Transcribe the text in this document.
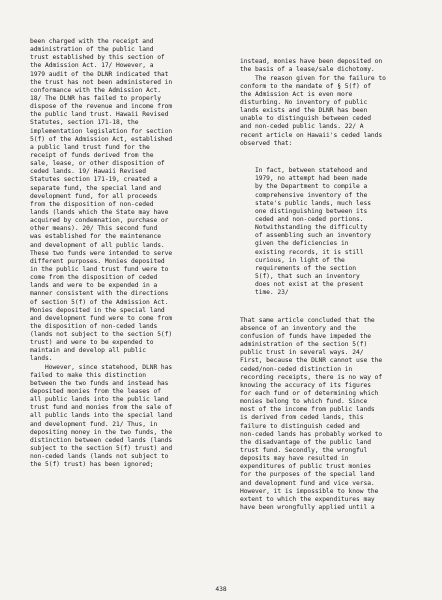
been charged with the receipt and
administration of the public land
trust established by this section of
the Admission Act. 17/ However, a
1979 audit of the DLNR indicated that
the trust has not been administered in
conformance with the Admission Act.
18/ The DLNR has failed to properly
dispose of the revenue and income from
the public land trust. Hawaii Revised
Statutes, section 171-18, the
implementation legislation for section
5(f) of the Admission Act, established
a public land trust fund for the
receipt of funds derived from the
sale, lease, or other disposition of
ceded lands. 19/ Hawaii Revised
Statutes section 171-19, created a
separate fund, the special land and
development fund, for all proceeds
from the disposition of non-ceded
lands (lands which the State may have
acquired by condemnation, purchase or
other means). 20/ This second fund
was established for the maintenance
and development of all public lands.
These two funds were intended to serve
different purposes. Monies deposited
in the public land trust fund were to
come from the disposition of ceded
lands and were to be expended in a
manner consistent with the directions
of section 5(f) of the Admission Act.
Monies deposited in the special land
and development fund were to come from
the disposition of non-ceded lands
(lands not subject to the section 5(f)
trust) and were to be expended to
maintain and develop all public
lands.
However, since statehood, DLNR has
failed to make this distinction
between the two funds and instead has
deposited monies from the leases of
all public lands into the public land
trust fund and monies from the sale of
all public lands into the special land
and development fund. 21/ Thus, in
depositing money in the two funds, the
distinction between ceded lands (lands
subject to the section 5(f) trust) and
non-ceded lands (lands not subject to
the 5(f) trust) has been ignored;

instead, monies have been deposited on
the basis of a lease/sale dichotomy.
The reason given for the failure to
conform to the mandate of § 5(f) of
the Admission Act is even more
disturbing. No inventory of public
lands exists and the DLNR has been
unable to distinguish between ceded
and non-ceded public lands. 22/ A
recent article on Hawaii's ceded lands
observed that:

In fact, between statehood and
1979, no attempt had been made
by the Department to compile a
comprehensive inventory of the
state's public lands, much less
one distinguishing between its
ceded and non-ceded portions.
Notwithstanding the difficulty
of assembling such an inventory
given the deficiencies in
existing records, it is still
curious, in light of the
requirements of the section
5(f), that such an inventory
does not exist at the present
time. 23/

That same article concluded that the
absence of an inventory and the
confusion of funds have impeded the
administration of the section 5(f)
public trust in several ways. 24/
First, because the DLNR cannot use the
ceded/non-ceded distinction in
recording receipts, there is no way of
knowing the accuracy of its figures
for each fund or of determining which
monies belong to which fund. Since
most of the income from public lands
is derived from ceded lands, this
failure to distinguish ceded and
non-ceded lands has probably worked to
the disadvantage of the public land
trust fund. Secondly, the wrongful
deposits may have resulted in
expenditures of public trust monies
for the purposes of the special land
and development fund and vice versa.
However, it is impossible to know the
extent to which the expenditures may
have been wrongfully applied until a

438
